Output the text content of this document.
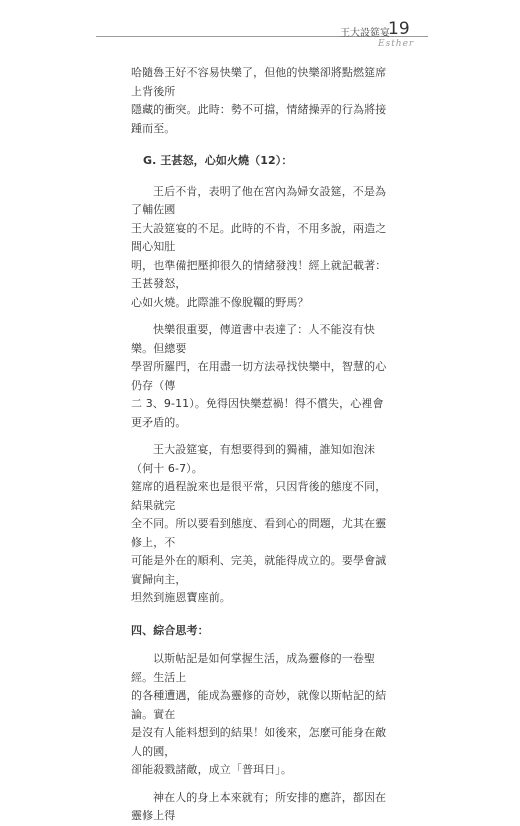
王大設筵宴
19
Esther

哈隨魯王好不容易快樂了，但他的快樂卻將點燃筵席上背後所

隱藏的衝突。此時：勢不可擋，情緒操弄的行為將接踵而至。

G. 王甚怒，心如火燒（12）：

王后不肯，表明了他在宮內為婦女設筵，不是為了輔佐國

王大設筵宴的不足。此時的不肯，不用多說，兩造之間心知肚

明，也準備把壓抑很久的情緒發洩！經上就記載著：王甚發怒，

心如火燒。此際誰不像脫韁的野馬？

快樂很重要，傳道書中表達了：人不能沒有快樂。但總要

學習所羅門，在用盡一切方法尋找快樂中，智慧的心仍存（傳

二 3、9-11）。免得因快樂惹禍！得不償失，心裡會更矛盾的。

王大設筵宴，有想要得到的獨補，誰知如泡沫（何十 6-7）。

筵席的過程說來也是很平常，只因背後的態度不同，結果就完

全不同。所以要看到態度、看到心的問題，尤其在靈修上，不

可能是外在的順利、完美，就能得成立的。要學會誠實歸向主，

坦然到施恩寶座前。

四、綜合思考：

以斯帖記是如何掌握生活，成為靈修的一卷聖經。生活上

的各種遭遇，能成為靈修的奇妙，就像以斯帖記的結論。實在

是沒有人能料想到的結果！如後來，怎麼可能身在敵人的國，

卻能殺戮諸敵，成立「普珥日」。

神在人的身上本來就有；所安排的應許，都因在靈修上得
